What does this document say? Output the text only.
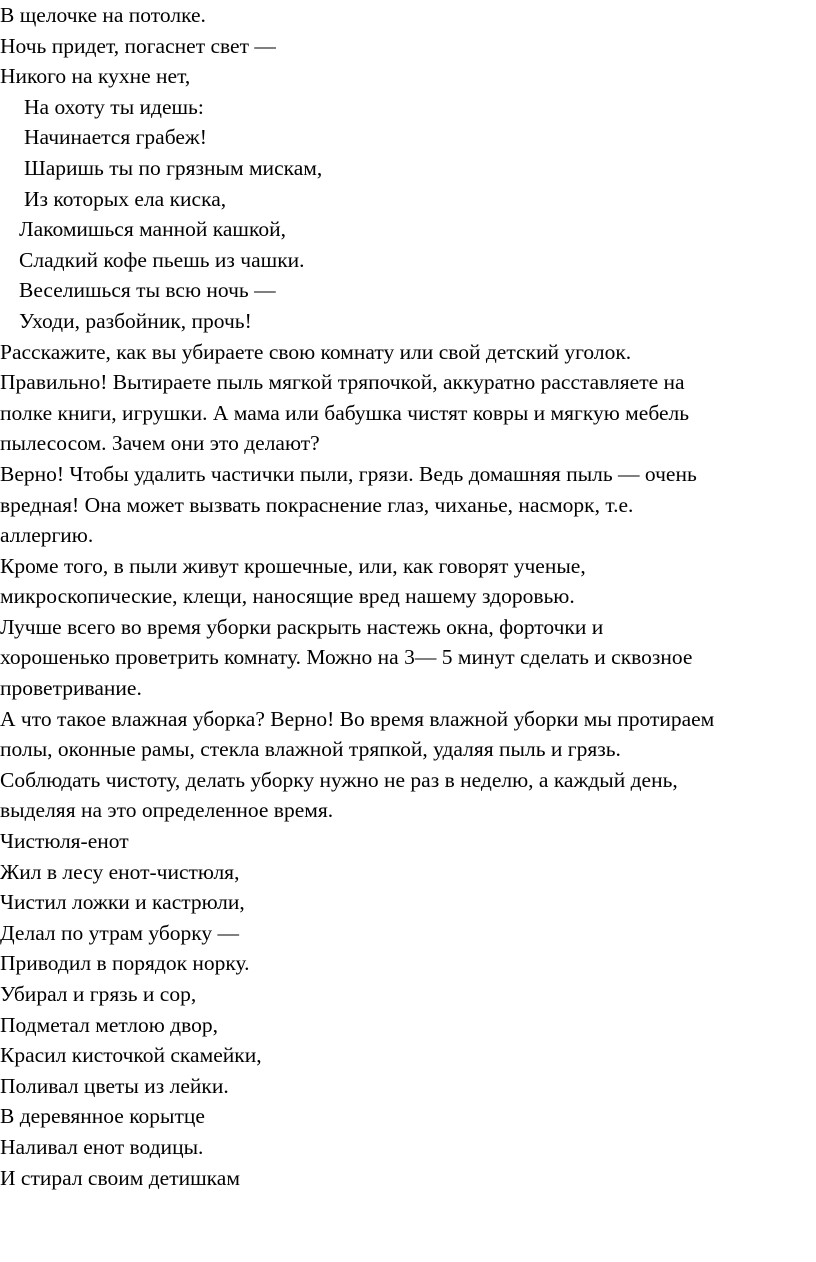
В щелочке на потолке.
Ночь придет, погаснет свет —
Никого на кухне нет,
На охоту ты идешь:
Начинается грабеж!
Шаришь ты по грязным мискам,
Из которых ела киска,
Лакомишься манной кашкой,
Сладкий кофе пьешь из чашки.
Веселишься ты всю ночь —
Уходи, разбойник, прочь!
Расскажите, как вы убираете свою комнату или свой детский уголок.
Правильно! Вытираете пыль мягкой тряпочкой, аккуратно расставляете на
полке книги, игрушки. А мама или бабушка чистят ковры и мягкую мебель
пылесосом. Зачем они это делают?
Верно! Чтобы удалить частички пыли, грязи. Ведь домашняя пыль — очень
вредная! Она может вызвать покраснение глаз, чиханье, насморк, т.е.
аллергию.
Кроме того, в пыли живут крошечные, или, как говорят ученые,
микроскопические, клещи, наносящие вред нашему здоровью.
Лучше всего во время уборки раскрыть настежь окна, форточки и
хорошенько проветрить комнату. Можно на 3— 5 минут сделать и сквозное
проветривание.
А что такое влажная уборка? Верно! Во время влажной уборки мы протираем
полы, оконные рамы, стекла влажной тряпкой, удаляя пыль и грязь.
Соблюдать чистоту, делать уборку нужно не раз в неделю, а каждый день,
выделяя на это определенное время.
Чистюля-енот
Жил в лесу енот-чистюля,
Чистил ложки и кастрюли,
Делал по утрам уборку —
Приводил в порядок норку.
Убирал и грязь и сор,
Подметал метлою двор,
Красил кисточкой скамейки,
Поливал цветы из лейки.
В деревянное корытце
Наливал енот водицы.
И стирал своим детишкам
